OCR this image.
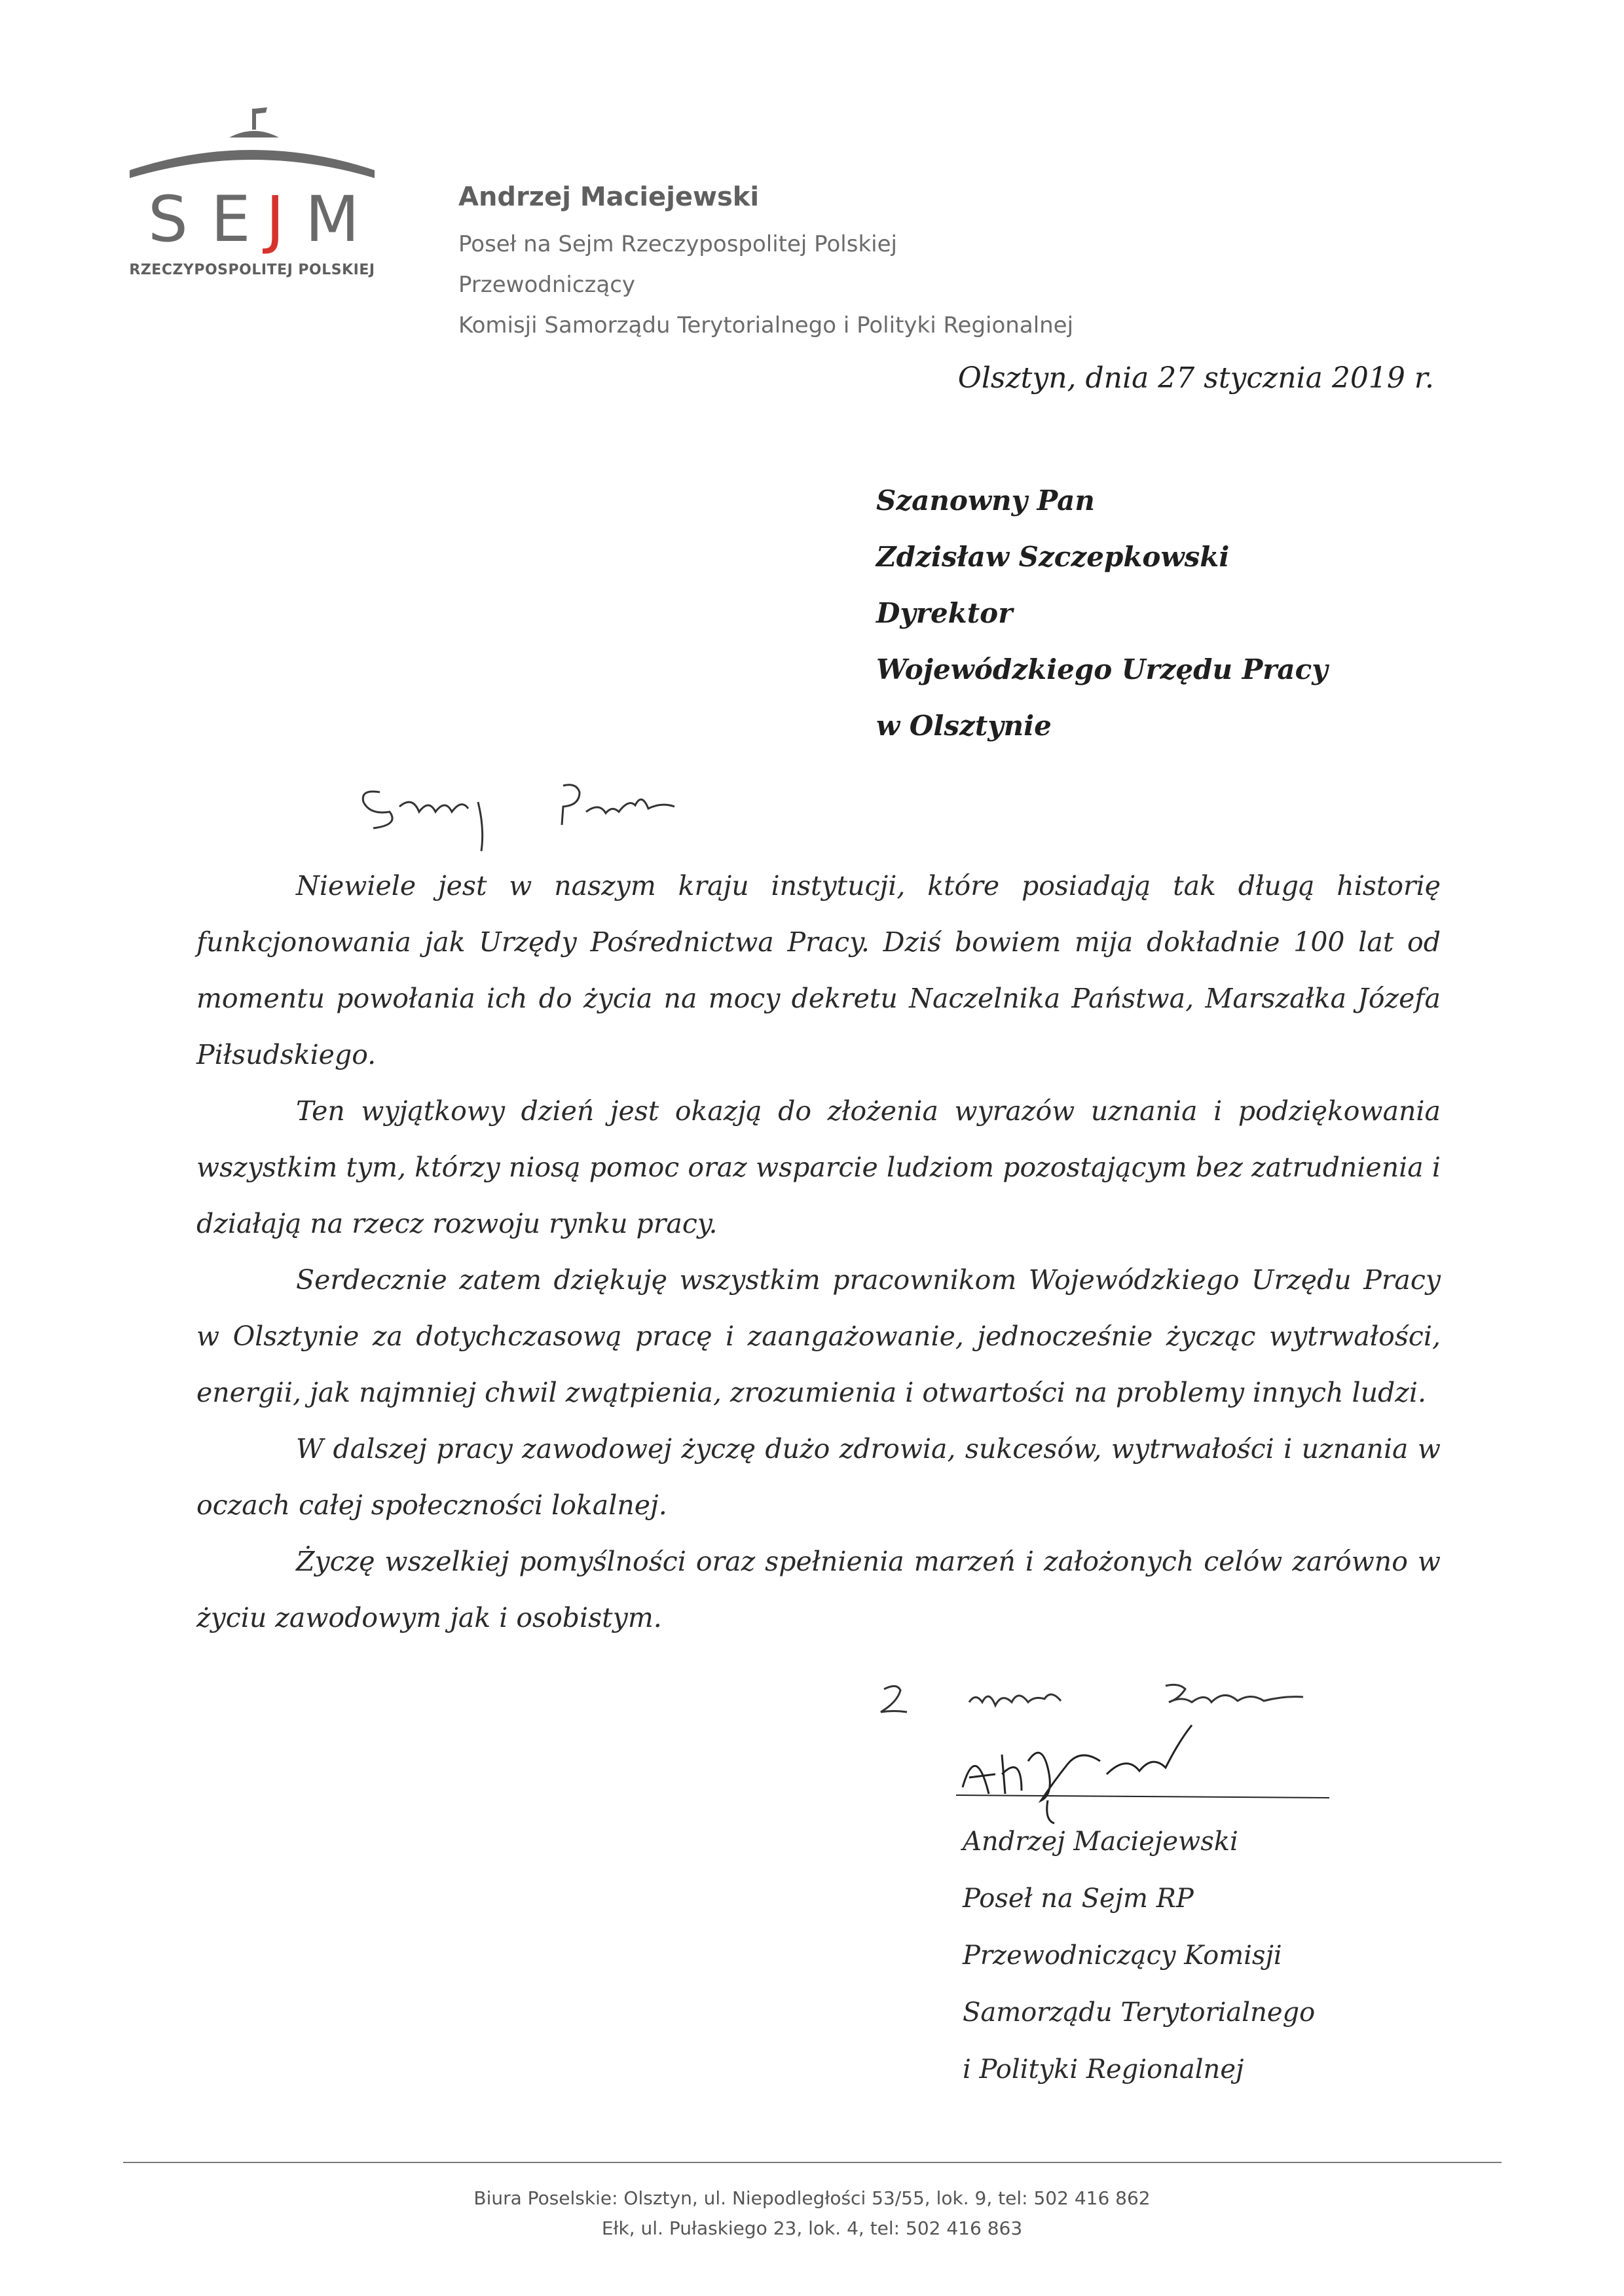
S E J M
RZECZYPOSPOLITEJ POLSKIEJ
Andrzej Maciejewski
Poseł na Sejm Rzeczypospolitej Polskiej
Przewodniczący
Komisji Samorządu Terytorialnego i Polityki Regionalnej
Olsztyn, dnia 27 stycznia 2019 r.
Szanowny Pan
Zdzisław Szczepkowski
Dyrektor
Wojewódzkiego Urzędu Pracy
w Olsztynie

Niewiele jest w naszym kraju instytucji, które posiadają tak długą historię funkcjonowania jak Urzędy Pośrednictwa Pracy. Dziś bowiem mija dokładnie 100 lat od momentu powołania ich do życia na mocy dekretu Naczelnika Państwa, Marszałka Józefa Piłsudskiego.

Ten wyjątkowy dzień jest okazją do złożenia wyrazów uznania i podziękowania wszystkim tym, którzy niosą pomoc oraz wsparcie ludziom pozostającym bez zatrudnienia i działają na rzecz rozwoju rynku pracy.

Serdecznie zatem dziękuję wszystkim pracownikom Wojewódzkiego Urzędu Pracy w Olsztynie za dotychczasową pracę i zaangażowanie, jednocześnie życząc wytrwałości, energii, jak najmniej chwil zwątpienia, zrozumienia i otwartości na problemy innych ludzi.

W dalszej pracy zawodowej życzę dużo zdrowia, sukcesów, wytrwałości i uznania w oczach całej społeczności lokalnej.

Życzę wszelkiej pomyślności oraz spełnienia marzeń i założonych celów zarówno w życiu zawodowym jak i osobistym.

Andrzej Maciejewski
Poseł na Sejm RP
Przewodniczący Komisji
Samorządu Terytorialnego
i Polityki Regionalnej
Biura Poselskie: Olsztyn, ul. Niepodległości 53/55, lok. 9, tel: 502 416 862
Ełk, ul. Pułaskiego 23, lok. 4, tel: 502 416 863
